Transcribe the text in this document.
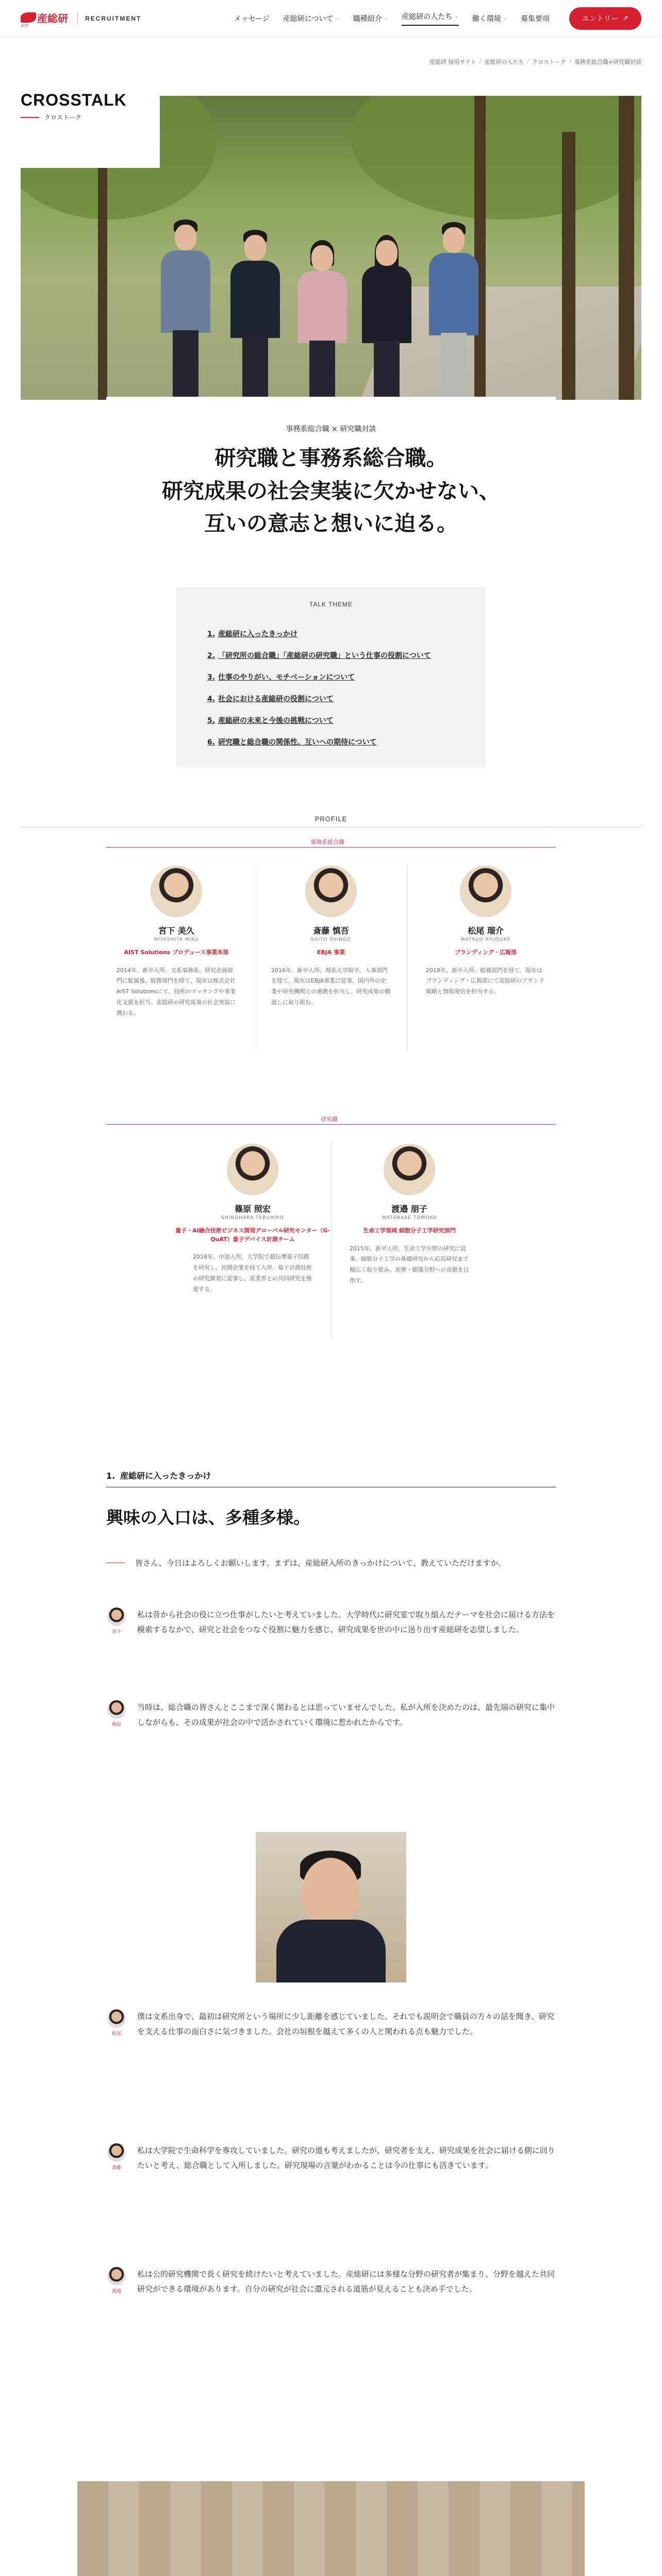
産総研
AIST
RECRUITMENT	メッセージ 産総研について ⌄ 職種紹介 ⌄ 産総研の人たち ⌄ 働く環境 ⌄ 募集要項	エントリー ↗
CROSSTALK
クロストーク
産総研 採用サイト / 産総研の人たち / クロストーク / 事務系総合職×研究職対談
事務系総合職 × 研究職対談
研究職と事務系総合職。
研究成果の社会実装に欠かせない、
互いの意志と想いに迫る。
TALK THEME
1. 産総研に入ったきっかけ
2. 「研究所の総合職」「産総研の研究職」という仕事の役割について
3. 仕事のやりがい、モチベーションについて
4. 社会における産総研の役割について
5. 産総研の未来と今後の挑戦について
6. 研究職と総合職の関係性、互いへの期待について
PROFILE
事務系総合職
宮下 美久
MIYASHITA MIKU
AIST Solutions プロデュース事業本部
2014年、新卒入所。文系事務系。研究企画部門に配属後、総務部門を経て、現在は株式会社AIST Solutionsにて、技術のマッチングや事業化支援を担当。産総研の研究成果の社会実装に携わる。
斎藤 慎吾
SAITO SHINGO
EBJA 事業
2016年、新卒入所。理系大学院卒。人事部門を経て、現在はEBJA事業に従事。国内外の企業や研究機関との連携を担当し、研究成果の橋渡しに取り組む。
松尾 瑠介
MATSUO RYUSUKE
ブランディング・広報部
2018年、新卒入所。総務部門を経て、現在はブランディング・広報部にて産総研のブランド戦略と情報発信を担当する。
研究職
篠原 照宏
SHINOHARA TERUHIRO
量子・AI融合技術ビジネス開発グローバル研究センター（G-QuAT）量子デバイス計測チーム
2016年、中途入所。大学院で超伝導量子回路を研究し、民間企業を経て入所。量子計測技術の研究開発に従事し、産業界との共同研究を推進する。
渡邉 朋子
WATANABE TOMOKO
生命工学領域 細胞分子工学研究部門
2015年、新卒入所。生命工学分野の研究に従事。細胞分子工学の基礎研究から応用研究まで幅広く取り組み、医療・創薬分野への貢献を目指す。
1. 産総研に入ったきっかけ
興味の入口は、多種多様。
皆さん、今日はよろしくお願いします。まずは、産総研入所のきっかけについて、教えていただけますか。
宮下
私は昔から社会の役に立つ仕事がしたいと考えていました。大学時代に研究室で取り組んだテーマを社会に届ける方法を模索するなかで、研究と社会をつなぐ役割に魅力を感じ、研究成果を世の中に送り出す産総研を志望しました。
篠原
当時は、総合職の皆さんとここまで深く関わるとは思っていませんでした。私が入所を決めたのは、最先端の研究に集中しながらも、その成果が社会の中で活かされていく環境に惹かれたからです。
松尾
僕は文系出身で、最初は研究所という場所に少し距離を感じていました。それでも説明会で職員の方々の話を聞き、研究を支える仕事の面白さに気づきました。会社の垣根を越えて多くの人と関われる点も魅力でした。
斎藤
私は大学院で生命科学を専攻していました。研究の道も考えましたが、研究者を支え、研究成果を社会に届ける側に回りたいと考え、総合職として入所しました。研究現場の言葉がわかることは今の仕事にも活きています。
渡邉
私は公的研究機関で長く研究を続けたいと考えていました。産総研には多様な分野の研究者が集まり、分野を越えた共同研究ができる環境があります。自分の研究が社会に還元される道筋が見えることも決め手でした。
